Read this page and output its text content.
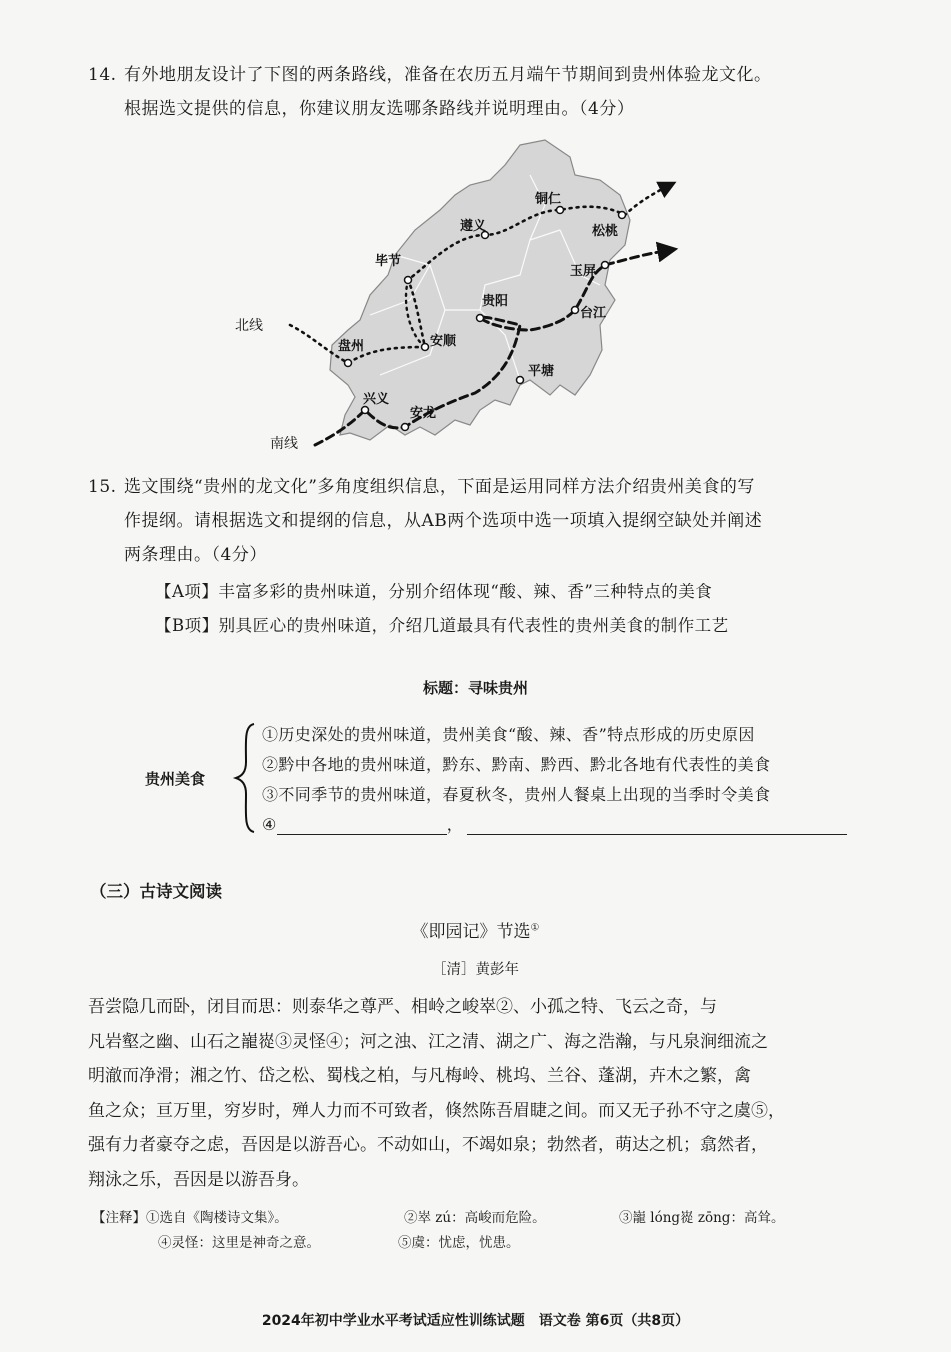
14. 有外地朋友设计了下图的两条路线，准备在农历五月端午节期间到贵州体验龙文化。

根据选文提供的信息，你建议朋友选哪条路线并说明理由。（4分）

铜仁
遵义	松桃
毕节
玉屏
贵阳
台江
盘州	安顺
平塘
兴义
安龙
北线
南线

15. 选文围绕“贵州的龙文化”多角度组织信息，下面是运用同样方法介绍贵州美食的写

作提纲。请根据选文和提纲的信息，从AB两个选项中选一项填入提纲空缺处并阐述

两条理由。（4分）

【A项】丰富多彩的贵州味道，分别介绍体现“酸、辣、香”三种特点的美食
【B项】别具匠心的贵州味道，介绍几道最具有代表性的贵州美食的制作工艺
标题：寻味贵州
贵州美食
①历史深处的贵州味道，贵州美食“酸、辣、香”特点形成的历史原因
②黔中各地的贵州味道，黔东、黔南、黔西、黔北各地有代表性的美食
③不同季节的贵州味道，春夏秋冬，贵州人餐桌上出现的当季时令美食
④	，
（三）古诗文阅读
《即园记》节选①
［清］黄彭年

吾尝隐几而卧，闭目而思：则泰华之尊严、相岭之峻崒②、小孤之特、飞云之奇，与

凡岩壑之幽、山石之巃嵸③灵怪④；河之浊、江之清、湖之广、海之浩瀚，与凡泉涧细流之

明澈而净滑；湘之竹、岱之松、蜀栈之柏，与凡梅岭、桃坞、兰谷、蓬湖，卉木之繁，禽

鱼之众；亘万里，穷岁时，殚人力而不可致者，倏然陈吾眉睫之间。而又无子孙不守之虞⑤，

强有力者豪夺之虑，吾因是以游吾心。不动如山，不竭如泉；勃然者，萌达之机；翕然者，

翔泳之乐，吾因是以游吾身。

【注释】①选自《陶楼诗文集》。	②崒 zú：高峻而危险。	③巃 lóng嵸 zōng：高耸。
④灵怪：这里是神奇之意。	⑤虞：忧虑，忧患。
2024年初中学业水平考试适应性训练试题　语文卷 第6页（共8页）
